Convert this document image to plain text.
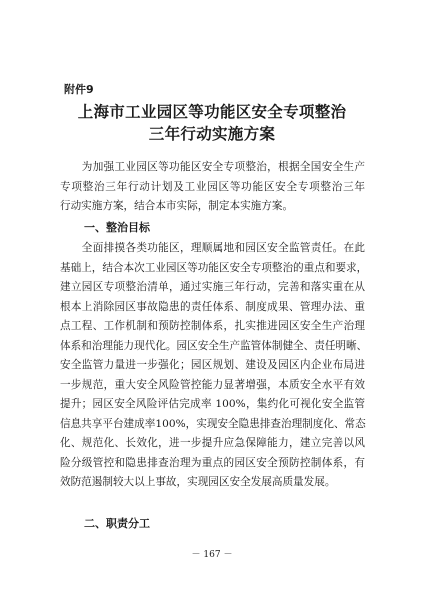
附件9
上海市工业园区等功能区安全专项整治
三年行动实施方案
　　为加强工业园区等功能区安全专项整治，根据全国安全生产
专项整治三年行动计划及工业园区等功能区安全专项整治三年
行动实施方案，结合本市实际，制定本实施方案。
一、整治目标
　　全面排摸各类功能区，理顺属地和园区安全监管责任。在此
基础上，结合本次工业园区等功能区安全专项整治的重点和要求，
建立园区专项整治清单，通过实施三年行动，完善和落实重在从
根本上消除园区事故隐患的责任体系、制度成果、管理办法、重
点工程、工作机制和预防控制体系，扎实推进园区安全生产治理
体系和治理能力现代化。园区安全生产监管体制健全、责任明晰、
安全监管力量进一步强化；园区规划、建设及园区内企业布局进
一步规范，重大安全风险管控能力显著增强，本质安全水平有效
提升；园区安全风险评估完成率 100%，集约化可视化安全监管
信息共享平台建成率100%，实现安全隐患排查治理制度化、常态
化、规范化、长效化，进一步提升应急保障能力，建立完善以风
险分级管控和隐患排查治理为重点的园区安全预防控制体系，有
效防范遏制较大以上事故，实现园区安全发展高质量发展。
二、职责分工
－ 167 －
